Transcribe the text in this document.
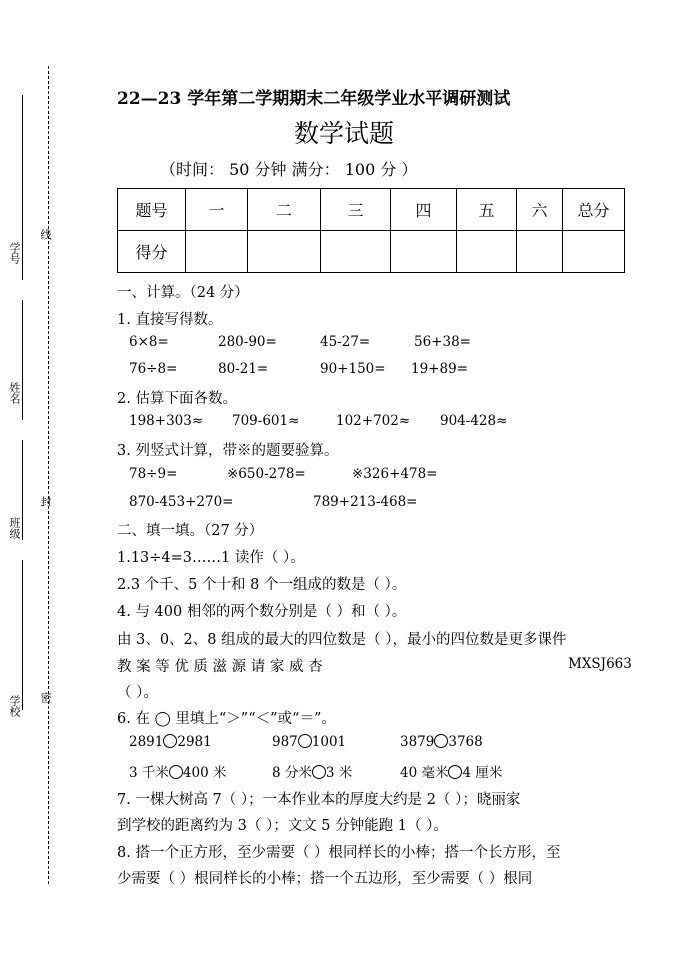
学号
线
姓名
班级
封
学校 密
22—23 学年第二学期期末二年级学业水平调研测试
数学试题
（时间： 50 分钟 满分： 100 分 ）
题号	一	二	三	四	五	六	总分
得分							
一、计算。（24 分）
1. 直接写得数。
6×8=	280-90=	45-27=	56+38=
76÷8=	80-21=	90+150= 19+89=
2. 估算下面各数。
198+303≈ 709-601≈	102+702≈ 904-428≈
3. 列竖式计算，带※的题要验算。
78÷9=	※650-278=	※326+478=
870-453+270=	789+213-468=
二、填一填。（27 分）
1.13÷4=3……1 读作（ ）。
2.3 个千、5 个十和 8 个一组成的数是（ ）。
4. 与 400 相邻的两个数分别是（ ）和（ ）。
由 3、0、2、8 组成的最大的四位数是（ ），最小的四位数是更多课件
教 案 等 优 质 滋 源 请 家 威 杏	MXSJ663
（ ）。
6. 在 ◯ 里填上“＞”“＜”或“＝”。
2891 2981	987 1001	3879 3768
3 千米 400 米	8 分米 3 米	40 毫米 4 厘米
7. 一棵大树高 7（ ）；一本作业本的厚度大约是 2（ ）；晓丽家
到学校的距离约为 3（ ）；文文 5 分钟能跑 1（ ）。
8. 搭一个正方形，至少需要（ ）根同样长的小棒；搭一个长方形，至
少需要（ ）根同样长的小棒；搭一个五边形，至少需要（ ）根同
